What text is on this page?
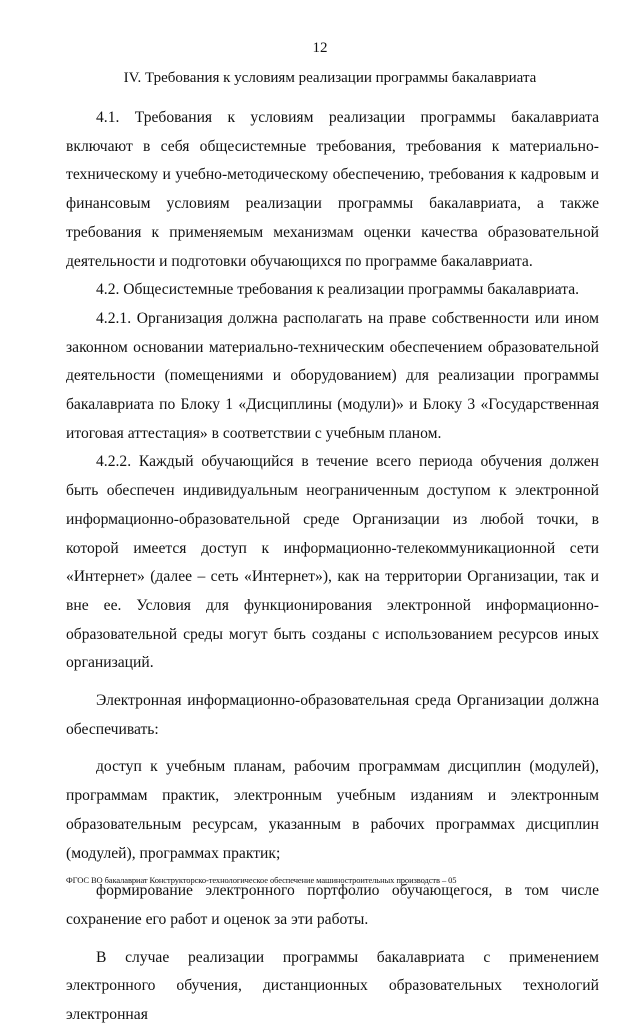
12
IV. Требования к условиям реализации программы бакалавриата

4.1. Требования к условиям реализации программы бакалавриата включают в себя общесистемные требования, требования к материально-техническому и учебно-методическому обеспечению, требования к кадровым и финансовым условиям реализации программы бакалавриата, а также требования к применяемым механизмам оценки качества образовательной деятельности и подготовки обучающихся по программе бакалавриата.

4.2. Общесистемные требования к реализации программы бакалавриата.

4.2.1. Организация должна располагать на праве собственности или ином законном основании материально-техническим обеспечением образовательной деятельности (помещениями и оборудованием) для реализации программы бакалавриата по Блоку 1 «Дисциплины (модули)» и Блоку 3 «Государственная итоговая аттестация» в соответствии с учебным планом.

4.2.2. Каждый обучающийся в течение всего периода обучения должен быть обеспечен индивидуальным неограниченным доступом к электронной информационно-образовательной среде Организации из любой точки, в которой имеется доступ к информационно-телекоммуникационной сети «Интернет» (далее – сеть «Интернет»), как на территории Организации, так и вне ее. Условия для функционирования электронной информационно-образовательной среды могут быть созданы с использованием ресурсов иных организаций.

Электронная информационно-образовательная среда Организации должна обеспечивать:

доступ к учебным планам, рабочим программам дисциплин (модулей), программам практик, электронным учебным изданиям и электронным образовательным ресурсам, указанным в рабочих программах дисциплин (модулей), программах практик;

формирование электронного портфолио обучающегося, в том числе сохранение его работ и оценок за эти работы.

В случае реализации программы бакалавриата с применением электронного обучения, дистанционных образовательных технологий электронная

ФГОС ВО бакалавриат Конструкторско-технологическое обеспечение машиностроительных производств – 05
